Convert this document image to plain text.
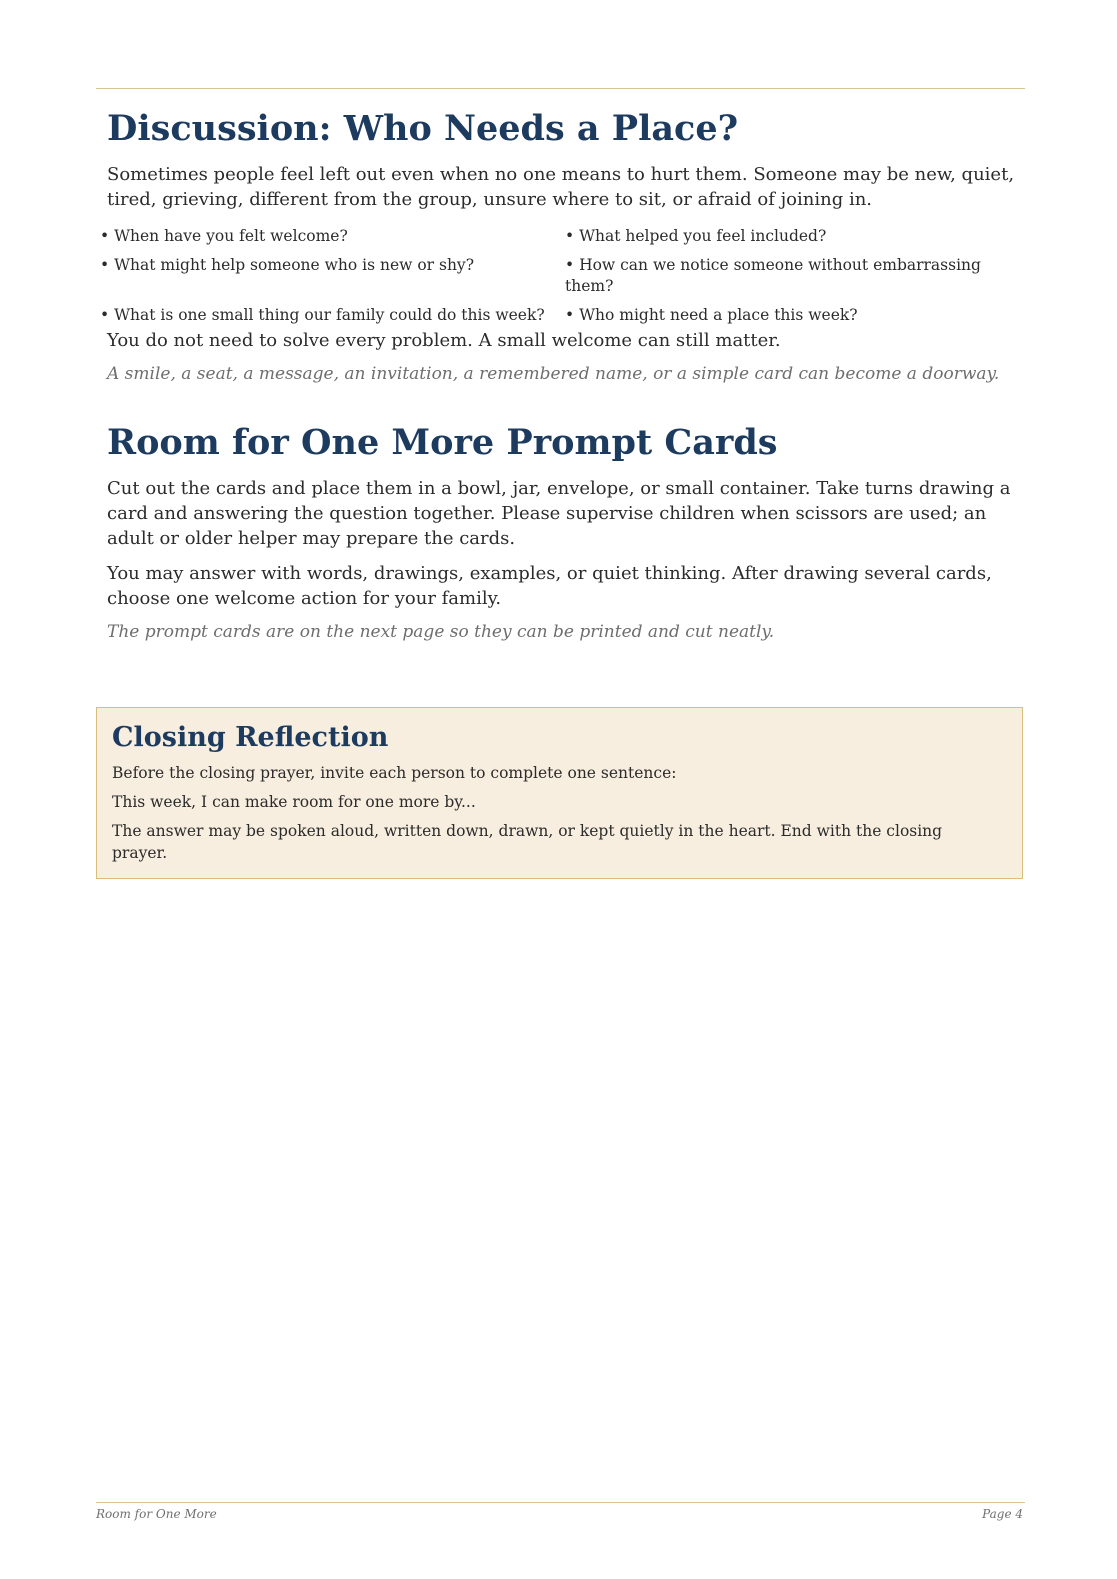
Discussion: Who Needs a Place?

Sometimes people feel left out even when no one means to hurt them. Someone may be new, quiet, tired, grieving, different from the group, unsure where to sit, or afraid of joining in.

• When have you felt welcome?	• What helped you feel included?
• What might help someone who is new or shy?	• How can we notice someone without embarrassing them?
• What is one small thing our family could do this week?	• Who might need a place this week?

You do not need to solve every problem. A small welcome can still matter.

A smile, a seat, a message, an invitation, a remembered name, or a simple card can become a doorway.

Room for One More Prompt Cards

Cut out the cards and place them in a bowl, jar, envelope, or small container. Take turns drawing a card and answering the question together. Please supervise children when scissors are used; an adult or older helper may prepare the cards.

You may answer with words, drawings, examples, or quiet thinking. After drawing several cards, choose one welcome action for your family.

The prompt cards are on the next page so they can be printed and cut neatly.

Closing Reflection

Before the closing prayer, invite each person to complete one sentence:

This week, I can make room for one more by...

The answer may be spoken aloud, written down, drawn, or kept quietly in the heart. End with the closing prayer.

Room for One More	Page 4
